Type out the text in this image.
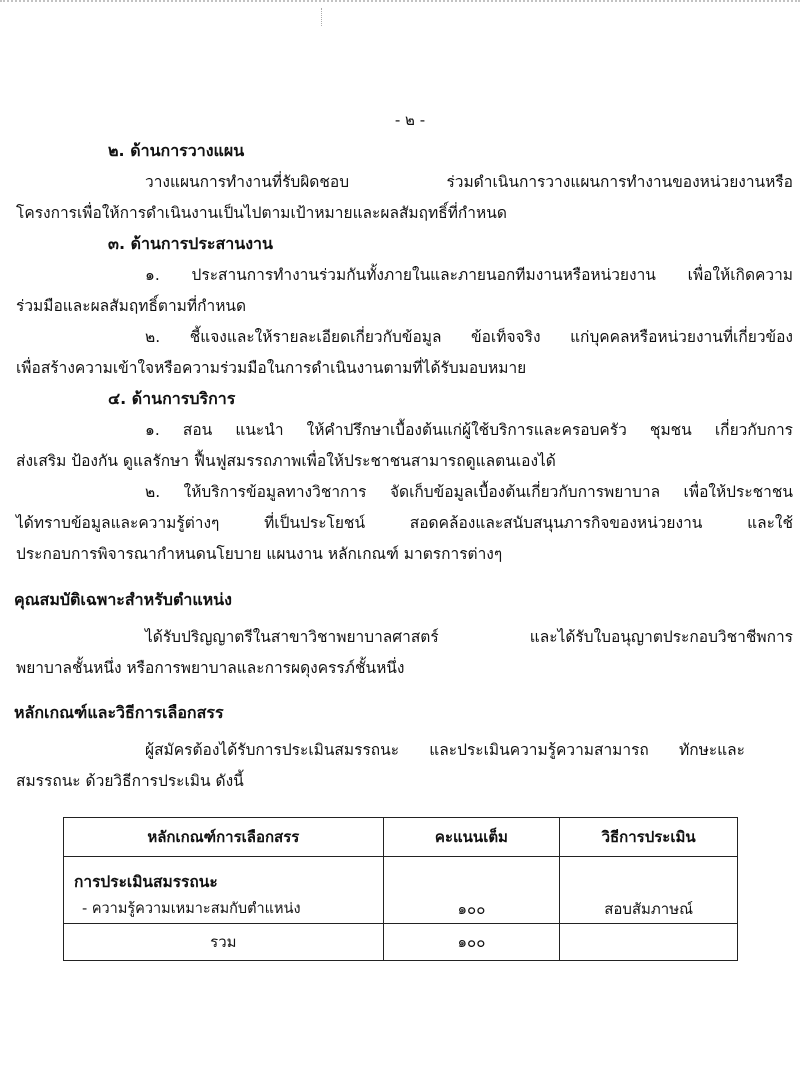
- ๒ -
๒. ด้านการวางแผน
วางแผนการทำงานที่รับผิดชอบ ร่วมดำเนินการวางแผนการทำงานของหน่วยงานหรือ
โครงการเพื่อให้การดำเนินงานเป็นไปตามเป้าหมายและผลสัมฤทธิ์ที่กำหนด
๓. ด้านการประสานงาน
๑. ประสานการทำงานร่วมกันทั้งภายในและภายนอกทีมงานหรือหน่วยงาน เพื่อให้เกิดความ
ร่วมมือและผลสัมฤทธิ์ตามที่กำหนด
๒. ชี้แจงและให้รายละเอียดเกี่ยวกับข้อมูล ข้อเท็จจริง แก่บุคคลหรือหน่วยงานที่เกี่ยวข้อง
เพื่อสร้างความเข้าใจหรือความร่วมมือในการดำเนินงานตามที่ได้รับมอบหมาย
๔. ด้านการบริการ
๑. สอน แนะนำ ให้คำปรึกษาเบื้องต้นแก่ผู้ใช้บริการและครอบครัว ชุมชน เกี่ยวกับการ
ส่งเสริม ป้องกัน ดูแลรักษา ฟื้นฟูสมรรถภาพเพื่อให้ประชาชนสามารถดูแลตนเองได้
๒. ให้บริการข้อมูลทางวิชาการ จัดเก็บข้อมูลเบื้องต้นเกี่ยวกับการพยาบาล เพื่อให้ประชาชน
ได้ทราบข้อมูลและความรู้ต่างๆ ที่เป็นประโยชน์ สอดคล้องและสนับสนุนภารกิจของหน่วยงาน และใช้
ประกอบการพิจารณากำหนดนโยบาย แผนงาน หลักเกณฑ์ มาตรการต่างๆ
คุณสมบัติเฉพาะสำหรับตำแหน่ง
ได้รับปริญญาตรีในสาขาวิชาพยาบาลศาสตร์ และได้รับใบอนุญาตประกอบวิชาชีพการ
พยาบาลชั้นหนึ่ง หรือการพยาบาลและการผดุงครรภ์ชั้นหนึ่ง
หลักเกณฑ์และวิธีการเลือกสรร
ผู้สมัครต้องได้รับการประเมินสมรรถนะ และประเมินความรู้ความสามารถ ทักษะและ
สมรรถนะ ด้วยวิธีการประเมิน ดังนี้
หลักเกณฑ์การเลือกสรร	คะแนนเต็ม	วิธีการประเมิน

การประเมินสมรรถนะ
- ความรู้ความเหมาะสมกับตำแหน่ง	๑๐๐	สอบสัมภาษณ์

รวม	๑๐๐	
